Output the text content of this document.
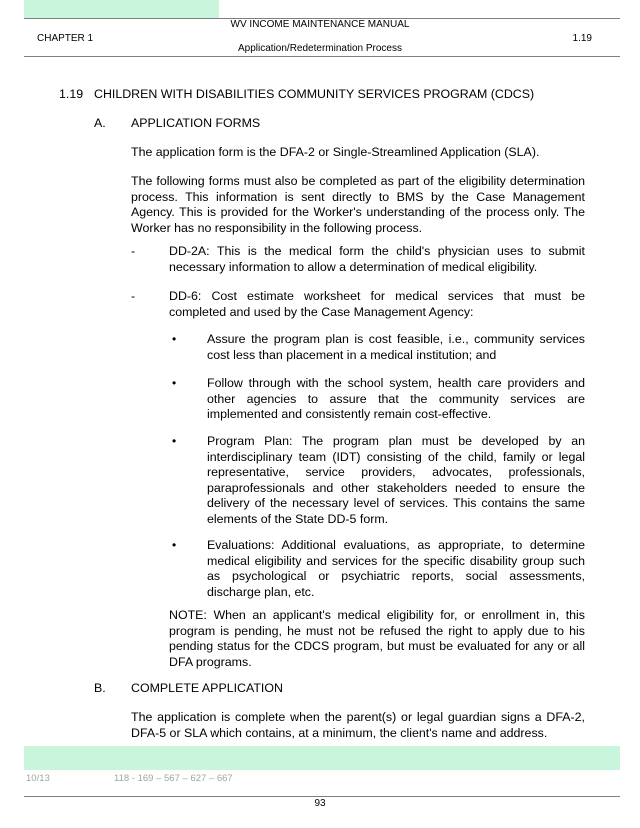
WV INCOME MAINTENANCE MANUAL
CHAPTER 1	1.19
Application/Redetermination Process
1.19 CHILDREN WITH DISABILITIES COMMUNITY SERVICES PROGRAM (CDCS)
A. APPLICATION FORMS
The application form is the DFA-2 or Single-Streamlined Application (SLA).
The following forms must also be completed as part of the eligibility determination process. This information is sent directly to BMS by the Case Management Agency. This is provided for the Worker's understanding of the process only. The Worker has no responsibility in the following process.
-	DD-2A: This is the medical form the child's physician uses to submit necessary information to allow a determination of medical eligibility.
-	DD-6: Cost estimate worksheet for medical services that must be completed and used by the Case Management Agency:
• Assure the program plan is cost feasible, i.e., community services cost less than placement in a medical institution; and
• Follow through with the school system, health care providers and other agencies to assure that the community services are implemented and consistently remain cost-effective.
• Program Plan: The program plan must be developed by an interdisciplinary team (IDT) consisting of the child, family or legal representative, service providers, advocates, professionals, paraprofessionals and other stakeholders needed to ensure the delivery of the necessary level of services. This contains the same elements of the State DD-5 form.
• Evaluations: Additional evaluations, as appropriate, to determine medical eligibility and services for the specific disability group such as psychological or psychiatric reports, social assessments, discharge plan, etc.
NOTE: When an applicant's medical eligibility for, or enrollment in, this program is pending, he must not be refused the right to apply due to his pending status for the CDCS program, but must be evaluated for any or all DFA programs.
B. COMPLETE APPLICATION
The application is complete when the parent(s) or legal guardian signs a DFA-2, DFA-5 or SLA which contains, at a minimum, the client's name and address.
10/13	118 - 169 – 567 – 627 – 667
93
